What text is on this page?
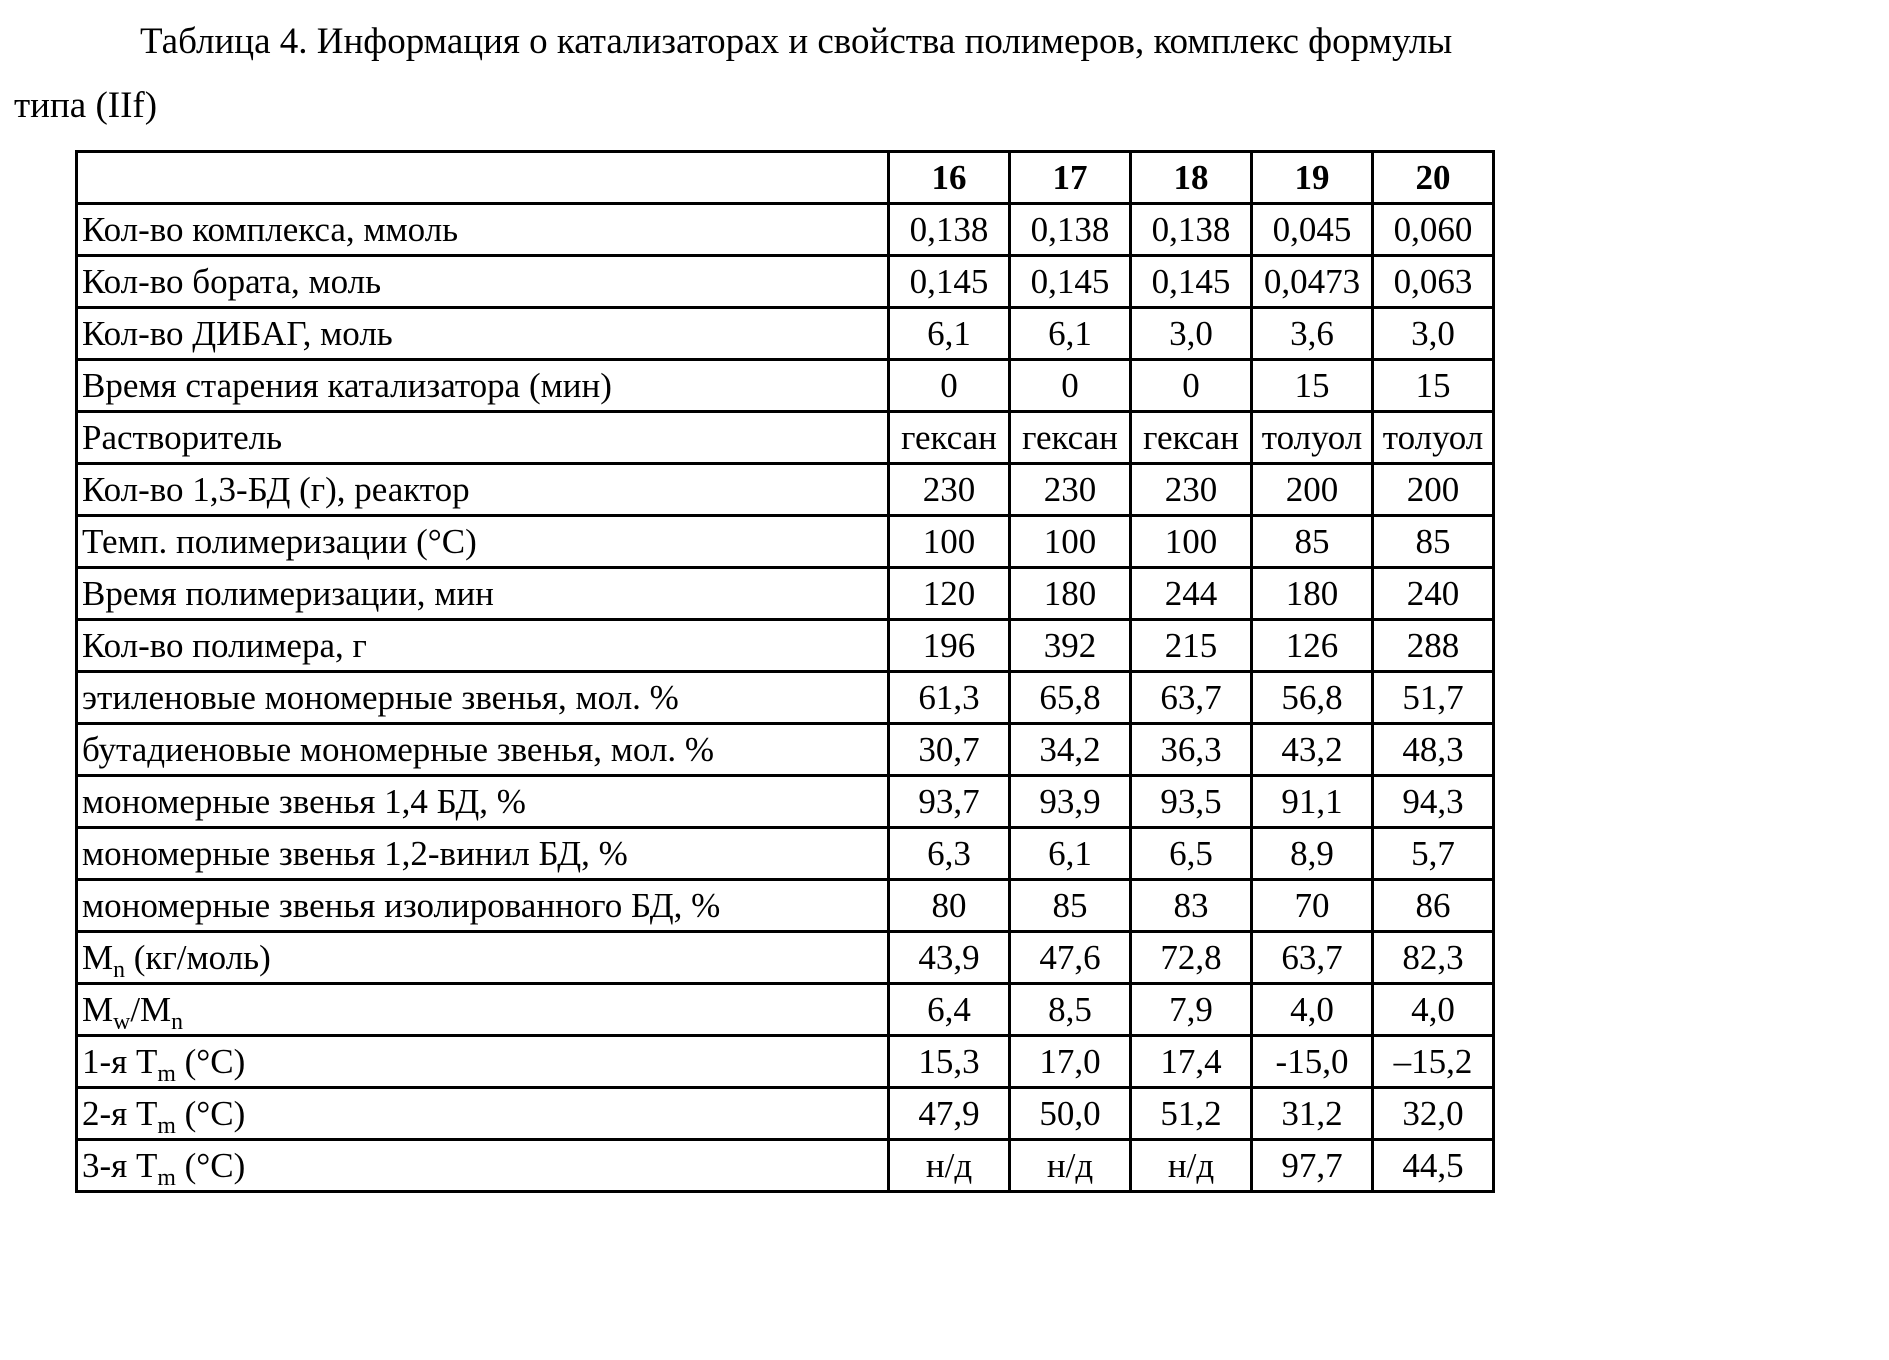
Таблица 4. Информация о катализаторах и свойства полимеров, комплекс формулы
типа (IIf)

	16	17	18	19	20
Кол-во комплекса, ммоль	0,138	0,138	0,138	0,045	0,060
Кол-во бората, моль	0,145	0,145	0,145	0,0473	0,063
Кол-во ДИБАГ, моль	6,1	6,1	3,0	3,6	3,0
Время старения катализатора (мин)	0	0	0	15	15
Растворитель	гексан	гексан	гексан	толуол	толуол
Кол-во 1,3-БД (г), реактор	230	230	230	200	200
Темп. полимеризации (°С)	100	100	100	85	85
Время полимеризации, мин	120	180	244	180	240
Кол-во полимера, г	196	392	215	126	288
этиленовые мономерные звенья, мол. %	61,3	65,8	63,7	56,8	51,7
бутадиеновые мономерные звенья, мол. %	30,7	34,2	36,3	43,2	48,3
мономерные звенья 1,4 БД, %	93,7	93,9	93,5	91,1	94,3
мономерные звенья 1,2-винил БД, %	6,3	6,1	6,5	8,9	5,7
мономерные звенья изолированного БД, %	80	85	83	70	86
$M_n$ (кг/моль)	43,9	47,6	72,8	63,7	82,3
$M_w/M_n$	6,4	8,5	7,9	4,0	4,0
1-я $T_m$ (°С)	15,3	17,0	17,4	-15,0	–15,2
2-я $T_m$ (°С)	47,9	50,0	51,2	31,2	32,0
3-я $T_m$ (°С)	н/д	н/д	н/д	97,7	44,5
